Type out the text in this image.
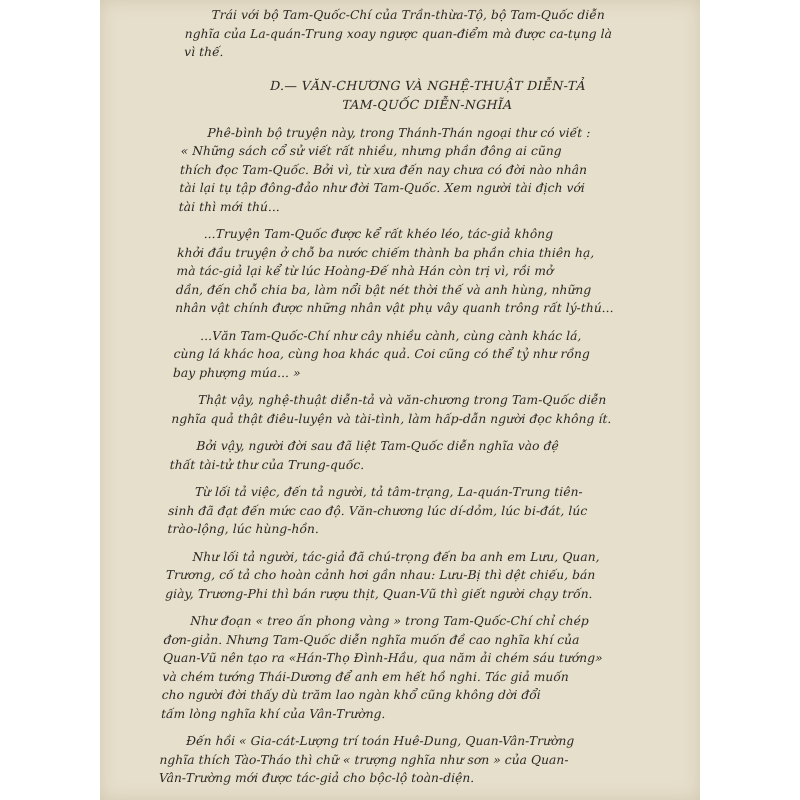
Trái với bộ Tam-Quốc-Chí của Trần-thừa-Tộ, bộ Tam-Quốc diễn
nghĩa của La-quán-Trung xoay ngược quan-điểm mà được ca-tụng là
vì thế.
D.— VĂN-CHƯƠNG VÀ NGHỆ-THUẬT DIỄN-TẢ
TAM-QUỐC DIỄN-NGHĨA
Phê-bình bộ truyện này, trong Thánh-Thán ngoại thư có viết :
« Những sách cổ sử viết rất nhiều, nhưng phần đông ai cũng
thích đọc Tam-Quốc. Bởi vì, từ xưa đến nay chưa có đời nào nhân
tài lại tụ tập đông-đảo như đời Tam-Quốc. Xem người tài địch với
tài thì mới thú...
...Truyện Tam-Quốc được kể rất khéo léo, tác-giả không
khởi đầu truyện ở chỗ ba nước chiếm thành ba phần chia thiên hạ,
mà tác-giả lại kể từ lúc Hoàng-Đế nhà Hán còn trị vì, rồi mở
dần, đến chỗ chia ba, làm nổi bật nét thời thế và anh hùng, những
nhân vật chính được những nhân vật phụ vây quanh trông rất lý-thú...
...Văn Tam-Quốc-Chí như cây nhiều cành, cùng cành khác lá,
cùng lá khác hoa, cùng hoa khác quả. Coi cũng có thể tỷ như rồng
bay phượng múa... »
Thật vậy, nghệ-thuật diễn-tả và văn-chương trong Tam-Quốc diễn
nghĩa quả thật điêu-luyện và tài-tình, làm hấp-dẫn người đọc không ít.
Bởi vậy, người đời sau đã liệt Tam-Quốc diễn nghĩa vào đệ
thất tài-tử thư của Trung-quốc.
Từ lối tả việc, đến tả người, tả tâm-trạng, La-quán-Trung tiên-
sinh đã đạt đến mức cao độ. Văn-chương lúc dí-dỏm, lúc bi-đát, lúc
trào-lộng, lúc hùng-hồn.
Như lối tả người, tác-giả đã chú-trọng đến ba anh em Lưu, Quan,
Trương, cố tả cho hoàn cảnh hơi gần nhau: Lưu-Bị thì dệt chiếu, bán
giày, Trương-Phi thì bán rượu thịt, Quan-Vũ thì giết người chạy trốn.
Như đoạn « treo ấn phong vàng » trong Tam-Quốc-Chí chỉ chép
đơn-giản. Nhưng Tam-Quốc diễn nghĩa muốn đề cao nghĩa khí của
Quan-Vũ nên tạo ra «Hán-Thọ Đình-Hầu, qua năm ải chém sáu tướng»
và chém tướng Thái-Dương để anh em hết hồ nghi. Tác giả muốn
cho người đời thấy dù trăm lao ngàn khổ cũng không dời đổi
tấm lòng nghĩa khí của Vân-Trường.
Đến hồi « Gia-cát-Lượng trí toán Huê-Dung, Quan-Vân-Trường
nghĩa thích Tào-Tháo thì chữ « trượng nghĩa như sơn » của Quan-
Vân-Trường mới được tác-giả cho bộc-lộ toàn-diện.
